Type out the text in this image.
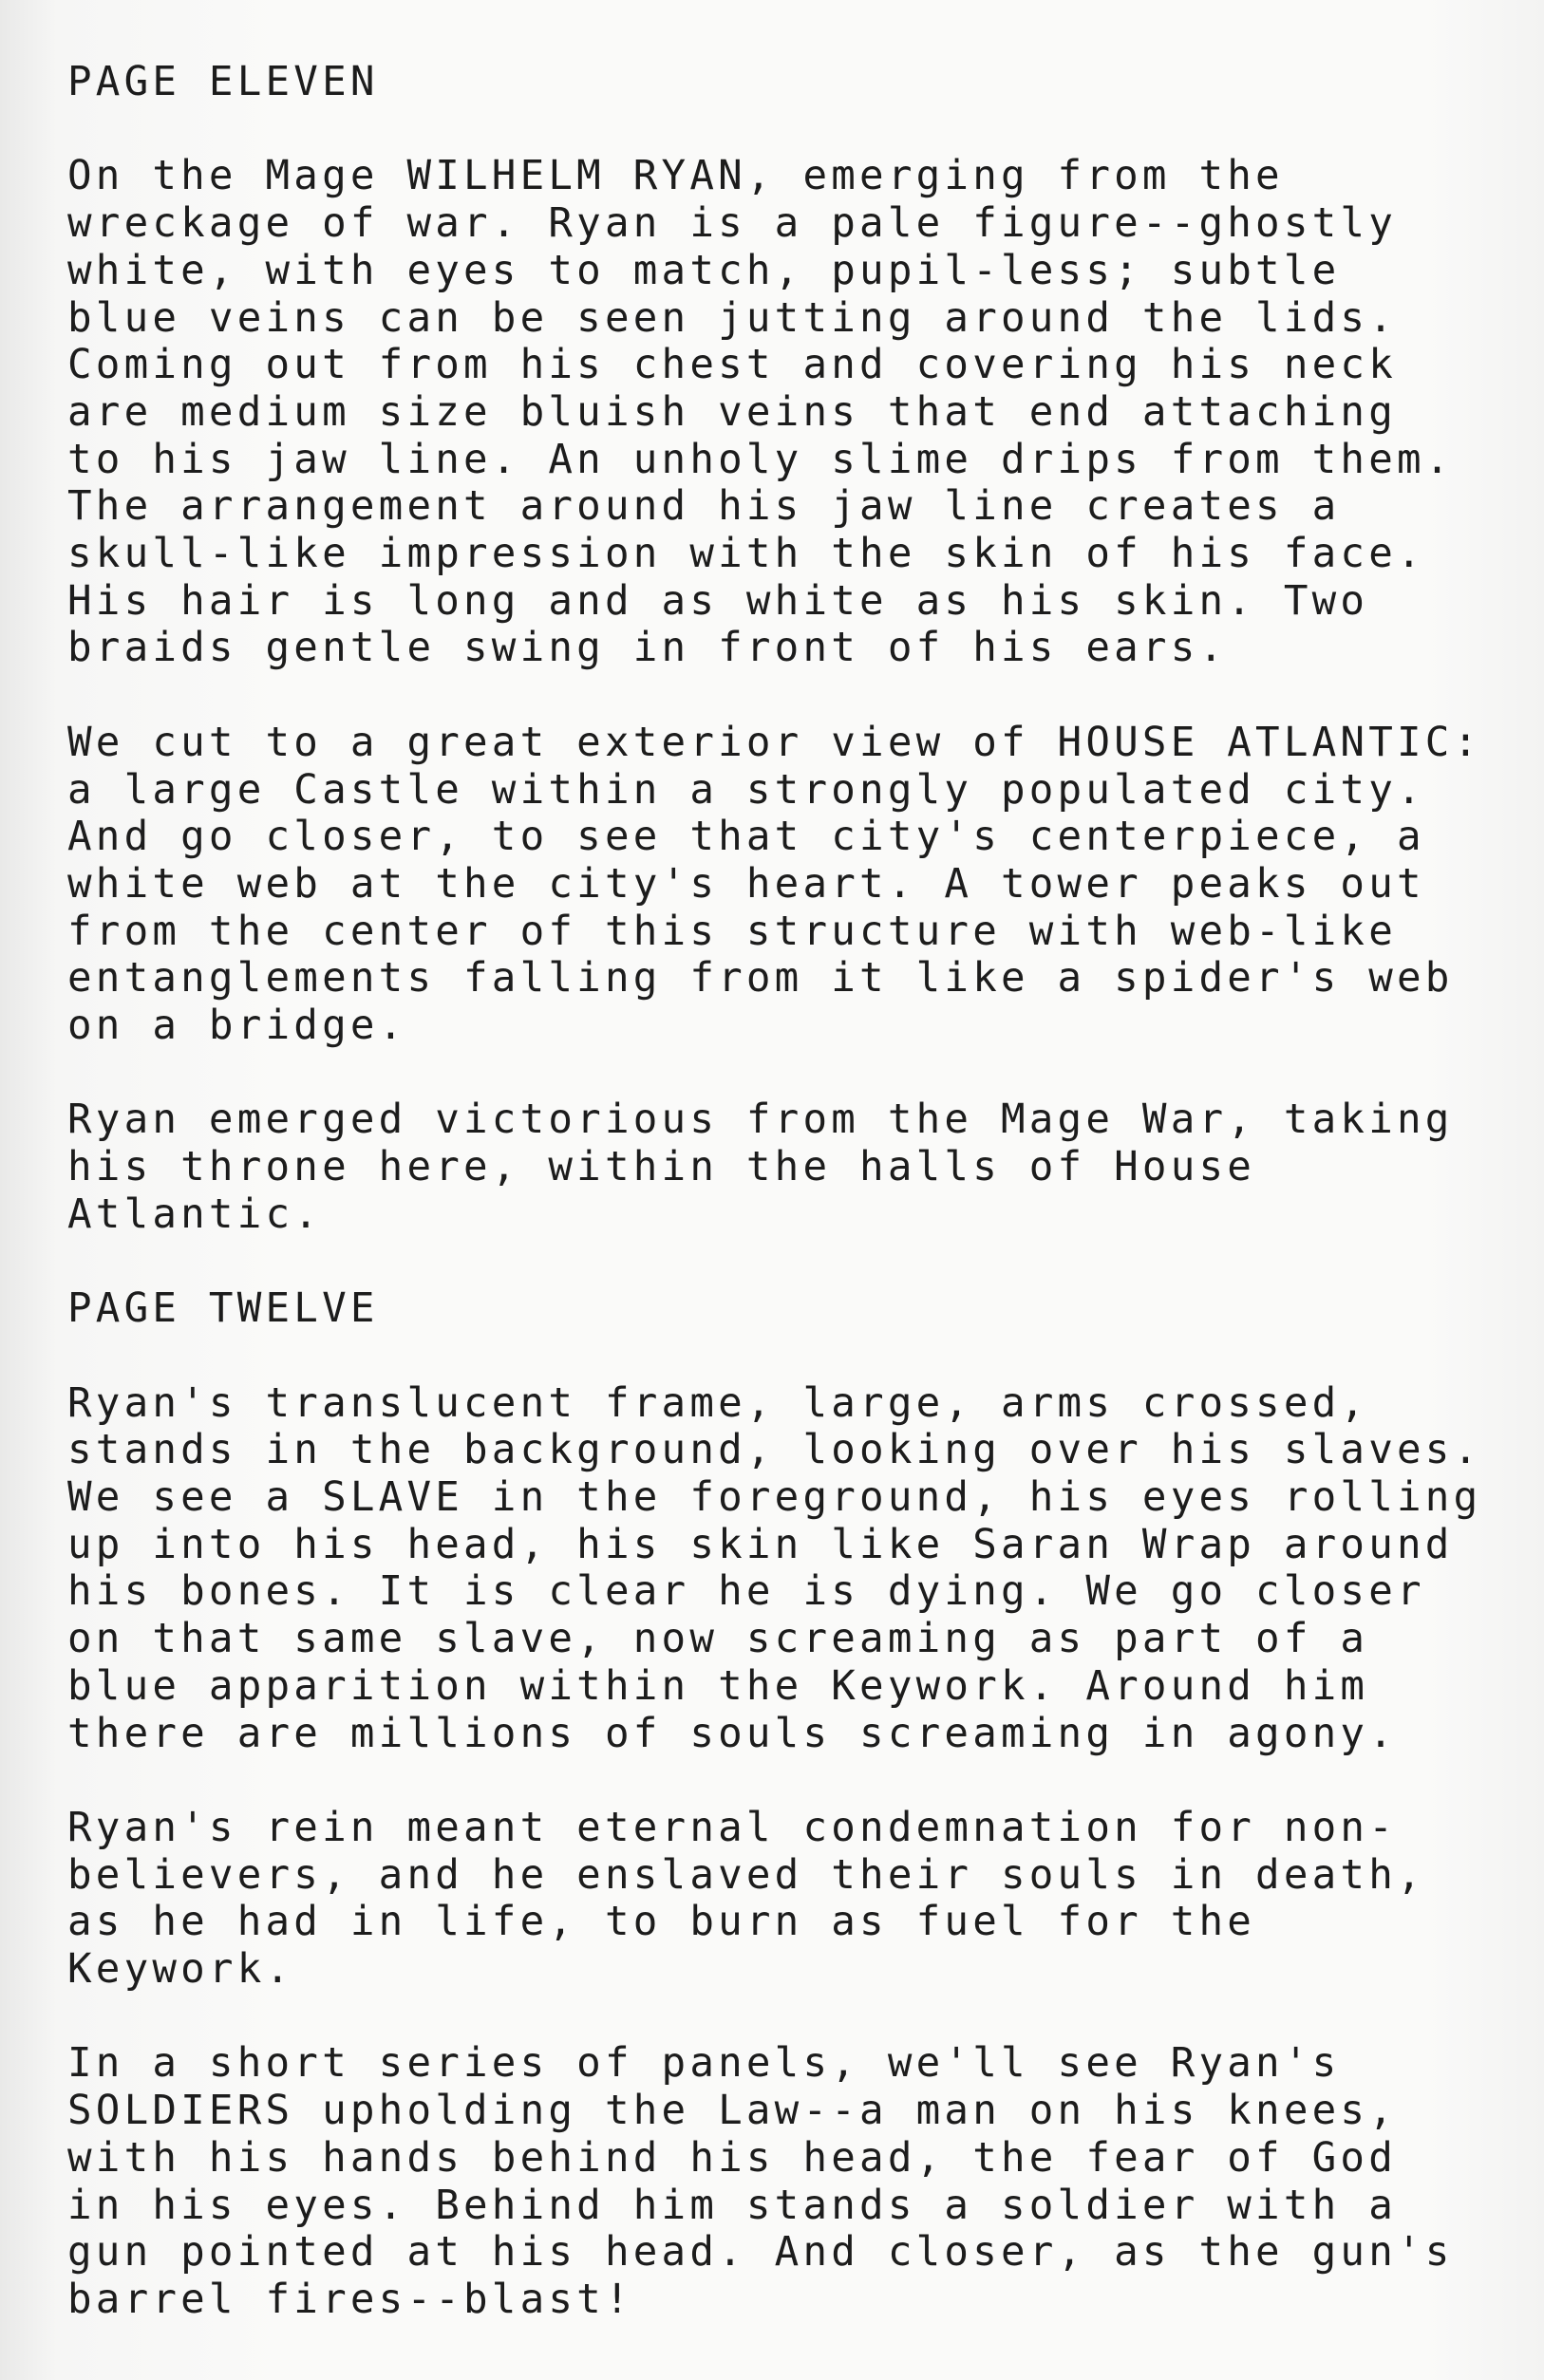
PAGE ELEVEN
On the Mage WILHELM RYAN, emerging from the
wreckage of war. Ryan is a pale figure--ghostly
white, with eyes to match, pupil-less; subtle
blue veins can be seen jutting around the lids.
Coming out from his chest and covering his neck
are medium size bluish veins that end attaching
to his jaw line. An unholy slime drips from them.
The arrangement around his jaw line creates a
skull-like impression with the skin of his face.
His hair is long and as white as his skin. Two
braids gentle swing in front of his ears.
We cut to a great exterior view of HOUSE ATLANTIC:
a large Castle within a strongly populated city.
And go closer, to see that city's centerpiece, a
white web at the city's heart. A tower peaks out
from the center of this structure with web-like
entanglements falling from it like a spider's web
on a bridge.
Ryan emerged victorious from the Mage War, taking
his throne here, within the halls of House
Atlantic.
PAGE TWELVE
Ryan's translucent frame, large, arms crossed,
stands in the background, looking over his slaves.
We see a SLAVE in the foreground, his eyes rolling
up into his head, his skin like Saran Wrap around
his bones. It is clear he is dying. We go closer
on that same slave, now screaming as part of a
blue apparition within the Keywork. Around him
there are millions of souls screaming in agony.
Ryan's rein meant eternal condemnation for non-
believers, and he enslaved their souls in death,
as he had in life, to burn as fuel for the
Keywork.
In a short series of panels, we'll see Ryan's
SOLDIERS upholding the Law--a man on his knees,
with his hands behind his head, the fear of God
in his eyes. Behind him stands a soldier with a
gun pointed at his head. And closer, as the gun's
barrel fires--blast!
